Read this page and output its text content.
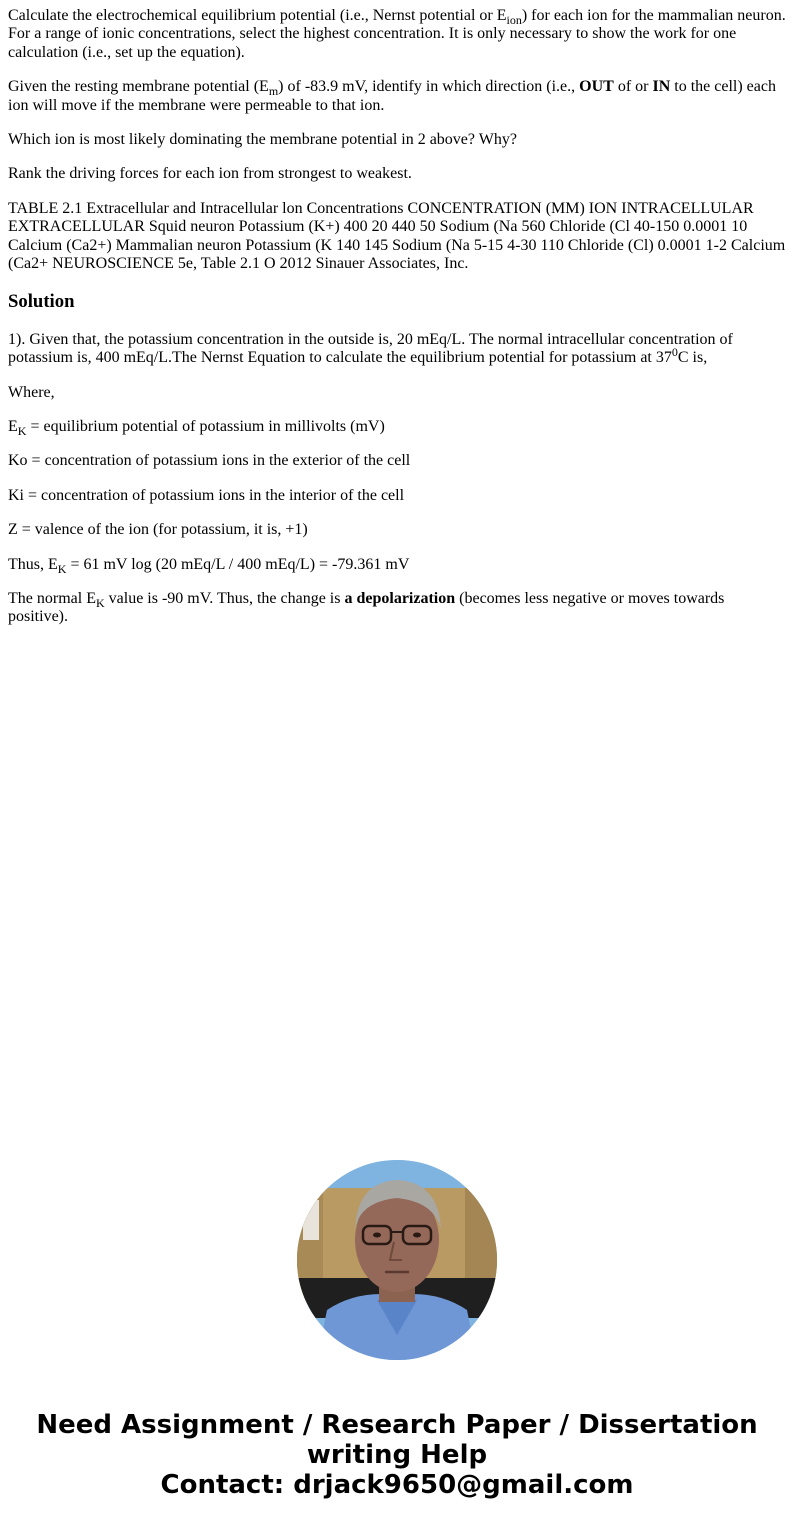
Calculate the electrochemical equilibrium potential (i.e., Nernst potential or $E_{ion}$) for each ion for the mammalian neuron. For a range of ionic concentrations, select the highest concentration. It is only necessary to show the work for one calculation (i.e., set up the equation).

Given the resting membrane potential $(E_m)$ of -83.9 mV, identify in which direction (i.e., OUT of or IN to the cell) each ion will move if the membrane were permeable to that ion.

Which ion is most likely dominating the membrane potential in 2 above? Why?

Rank the driving forces for each ion from strongest to weakest.

TABLE 2.1 Extracellular and Intracellular lon Concentrations CONCENTRATION (MM) ION INTRACELLULAR EXTRACELLULAR Squid neuron Potassium (K+) 400 20 440 50 Sodium (Na 560 Chloride (Cl 40-150 0.0001 10 Calcium (Ca2+) Mammalian neuron Potassium (K 140 145 Sodium (Na 5-15 4-30 110 Chloride (Cl) 0.0001 1-2 Calcium (Ca2+ NEUROSCIENCE 5e, Table 2.1 O 2012 Sinauer Associates, Inc.

Solution

1). Given that, the potassium concentration in the outside is, 20 mEq/L. The normal intracellular concentration of potassium is, 400 mEq/L.The Nernst Equation to calculate the equilibrium potential for potassium at $37^0C$ is,

Where,

$E_K$ = equilibrium potential of potassium in millivolts (mV)

Ko = concentration of potassium ions in the exterior of the cell

Ki = concentration of potassium ions in the interior of the cell

Z = valence of the ion (for potassium, it is, +1)

Thus, $E_K = 61$ mV log (20 mEq/L / 400 mEq/L) = -79.361 mV

The normal $E_K$ value is -90 mV. Thus, the change is a depolarization (becomes less negative or moves towards positive).

Need Assignment / Research Paper / Dissertation
writing Help
Contact: drjack9650@gmail.com
